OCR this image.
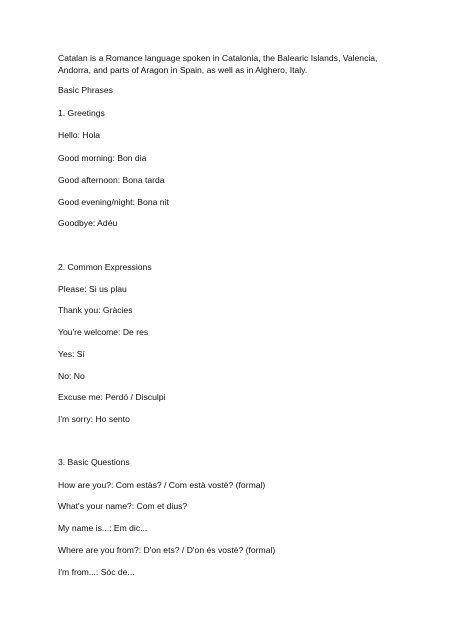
Catalan is a Romance language spoken in Catalonia, the Balearic Islands, Valencia,
Andorra, and parts of Aragon in Spain, as well as in Alghero, Italy.
Basic Phrases
1. Greetings
Hello: Hola
Good morning: Bon dia
Good afternoon: Bona tarda
Good evening/night: Bona nit
Goodbye: Adéu
2. Common Expressions
Please: Si us plau
Thank you: Gràcies
You're welcome: De res
Yes: Sí
No: No
Excuse me: Perdó / Disculpi
I'm sorry: Ho sento
3. Basic Questions
How are you?: Com estàs? / Com està vostè? (formal)
What's your name?: Com et dius?
My name is...: Em dic...
Where are you from?: D'on ets? / D'on és vostè? (formal)
I'm from...: Sóc de...
